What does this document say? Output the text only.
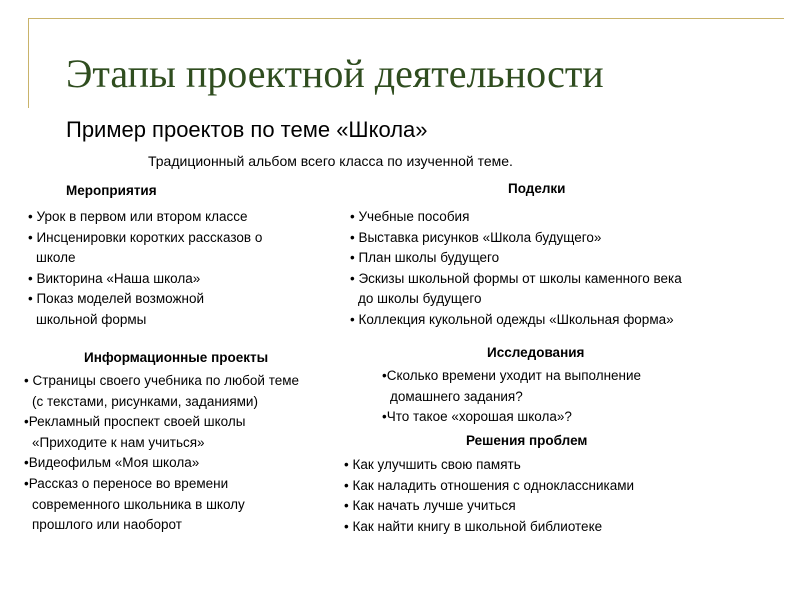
Этапы проектной деятельности
Пример проектов по теме «Школа»
Традиционный альбом всего класса по изученной теме.
Мероприятия
• Урок в первом или втором классе
• Инсценировки коротких рассказов о
школе
• Викторина «Наша школа»
• Показ моделей возможной
школьной формы
Поделки
• Учебные пособия
• Выставка рисунков «Школа будущего»
• План школы будущего
• Эскизы школьной формы от школы каменного века
до школы будущего
• Коллекция кукольной одежды «Школьная форма»
Информационные проекты
• Страницы своего учебника по любой теме
(с текстами, рисунками, заданиями)
•Рекламный проспект своей школы
«Приходите к нам учиться»
•Видеофильм «Моя школа»
•Рассказ о переносе во времени
современного школьника в школу
прошлого или наоборот
Исследования
•Сколько времени уходит на выполнение
домашнего задания?
•Что такое «хорошая школа»?
Решения проблем
• Как улучшить свою память
• Как наладить отношения с одноклассниками
• Как начать лучше учиться
• Как найти книгу в школьной библиотеке
